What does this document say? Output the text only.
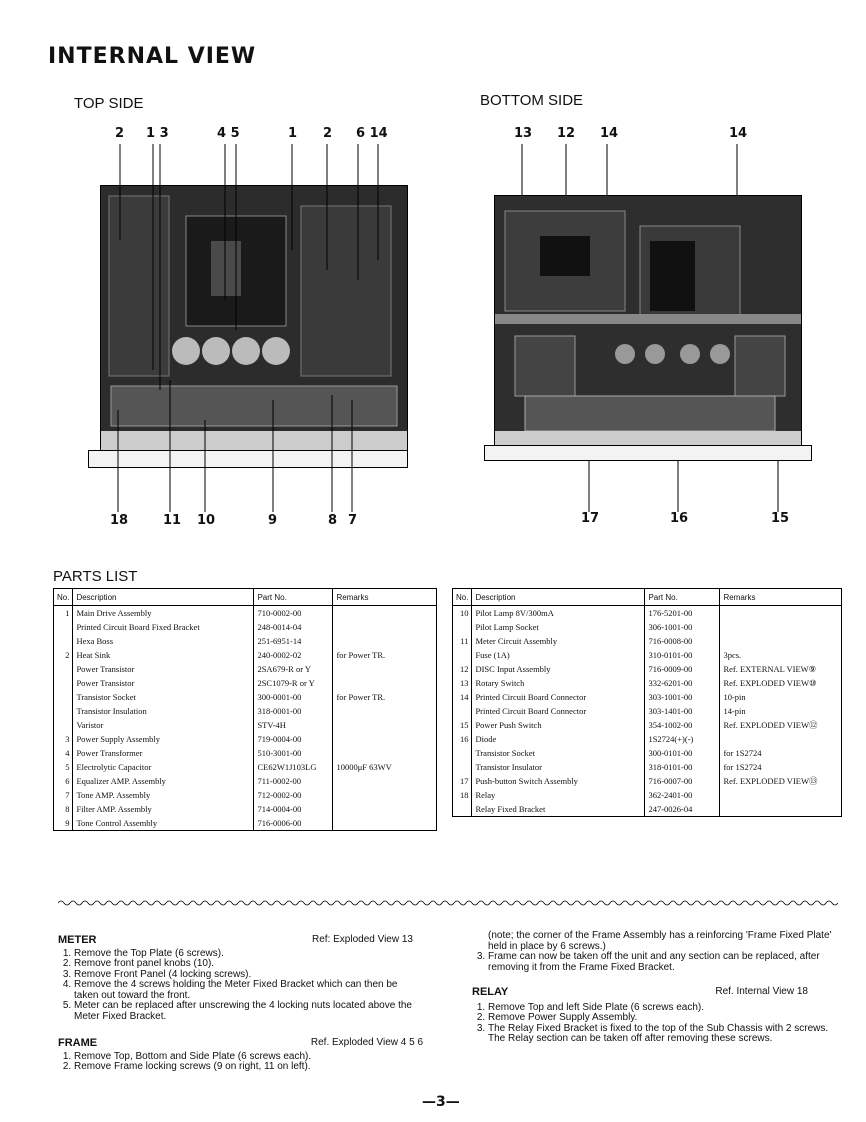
INTERNAL VIEW
TOP SIDE	BOTTOM SIDE
2 1 3	4 5	1 2 6 14
18	11 10	9	8 7
13 12 14	14
17	16	15
PARTS LIST
No.	Description	Part No.	Remarks
1	Main Drive Assembly	710-0002-00	
	Printed Circuit Board Fixed Bracket	248-0014-04	
	Hexa Boss	251-6951-14	
2	Heat Sink	240-0002-02	for Power TR.
	Power Transistor	2SA679-R or Y	
	Power Transistor	2SC1079-R or Y	
	Transistor Socket	300-0001-00	for Power TR.
	Transistor Insulation	318-0001-00	
	Varistor	STV-4H	
3	Power Supply Assembly	719-0004-00	
4	Power Transformer	510-3001-00	
5	Electrolytic Capacitor	CE62W1J103LG	10000μF 63WV
6	Equalizer AMP. Assembly	711-0002-00	
7	Tone AMP. Assembly	712-0002-00	
8	Filter AMP. Assembly	714-0004-00	
9	Tone Control Assembly	716-0006-00	
No.	Description	Part No.	Remarks
10	Pilot Lamp 8V/300mA	176-5201-00	
	Pilot Lamp Socket	306-1001-00	
11	Meter Circuit Assembly	716-0008-00	
	Fuse (1A)	310-0101-00	3pcs.
12	DISC Input Assembly	716-0009-00	Ref. EXTERNAL VIEW⑨
13	Rotary Switch	332-6201-00	Ref. EXPLODED VIEW⑩
14	Printed Circuit Board Connector	303-1001-00	10-pin
	Printed Circuit Board Connector	303-1401-00	14-pin
15	Power Push Switch	354-1002-00	Ref. EXPLODED VIEW⑫
16	Diode	1S2724(+)(-)	
	Transistor Socket	300-0101-00	for 1S2724
	Transistor Insulator	318-0101-00	for 1S2724
17	Push-button Switch Assembly	716-0007-00	Ref. EXPLODED VIEW⑬
18	Relay	362-2401-00	
	Relay Fixed Bracket	247-0026-04	
METER	Ref: Exploded View 13
1. Remove the Top Plate (6 screws).
2. Remove front panel knobs (10).
3. Remove Front Panel (4 locking screws).
4. Remove the 4 screws holding the Meter Fixed Bracket which can then be taken out toward the front.
5. Meter can be replaced after unscrewing the 4 locking nuts located above the Meter Fixed Bracket.
FRAME	Ref. Exploded View 4 5 6
1. Remove Top, Bottom and Side Plate (6 screws each).
2. Remove Frame locking screws (9 on right, 11 on left).
(note; the corner of the Frame Assembly has a reinforcing 'Frame Fixed Plate' held in place by 6 screws.)
3. Frame can now be taken off the unit and any section can be replaced, after removing it from the Frame Fixed Bracket.
RELAY	Ref. Internal View 18
1. Remove Top and left Side Plate (6 screws each).
2. Remove Power Supply Assembly.
3. The Relay Fixed Bracket is fixed to the top of the Sub Chassis with 2 screws. The Relay section can be taken off after removing these screws.
—3—
